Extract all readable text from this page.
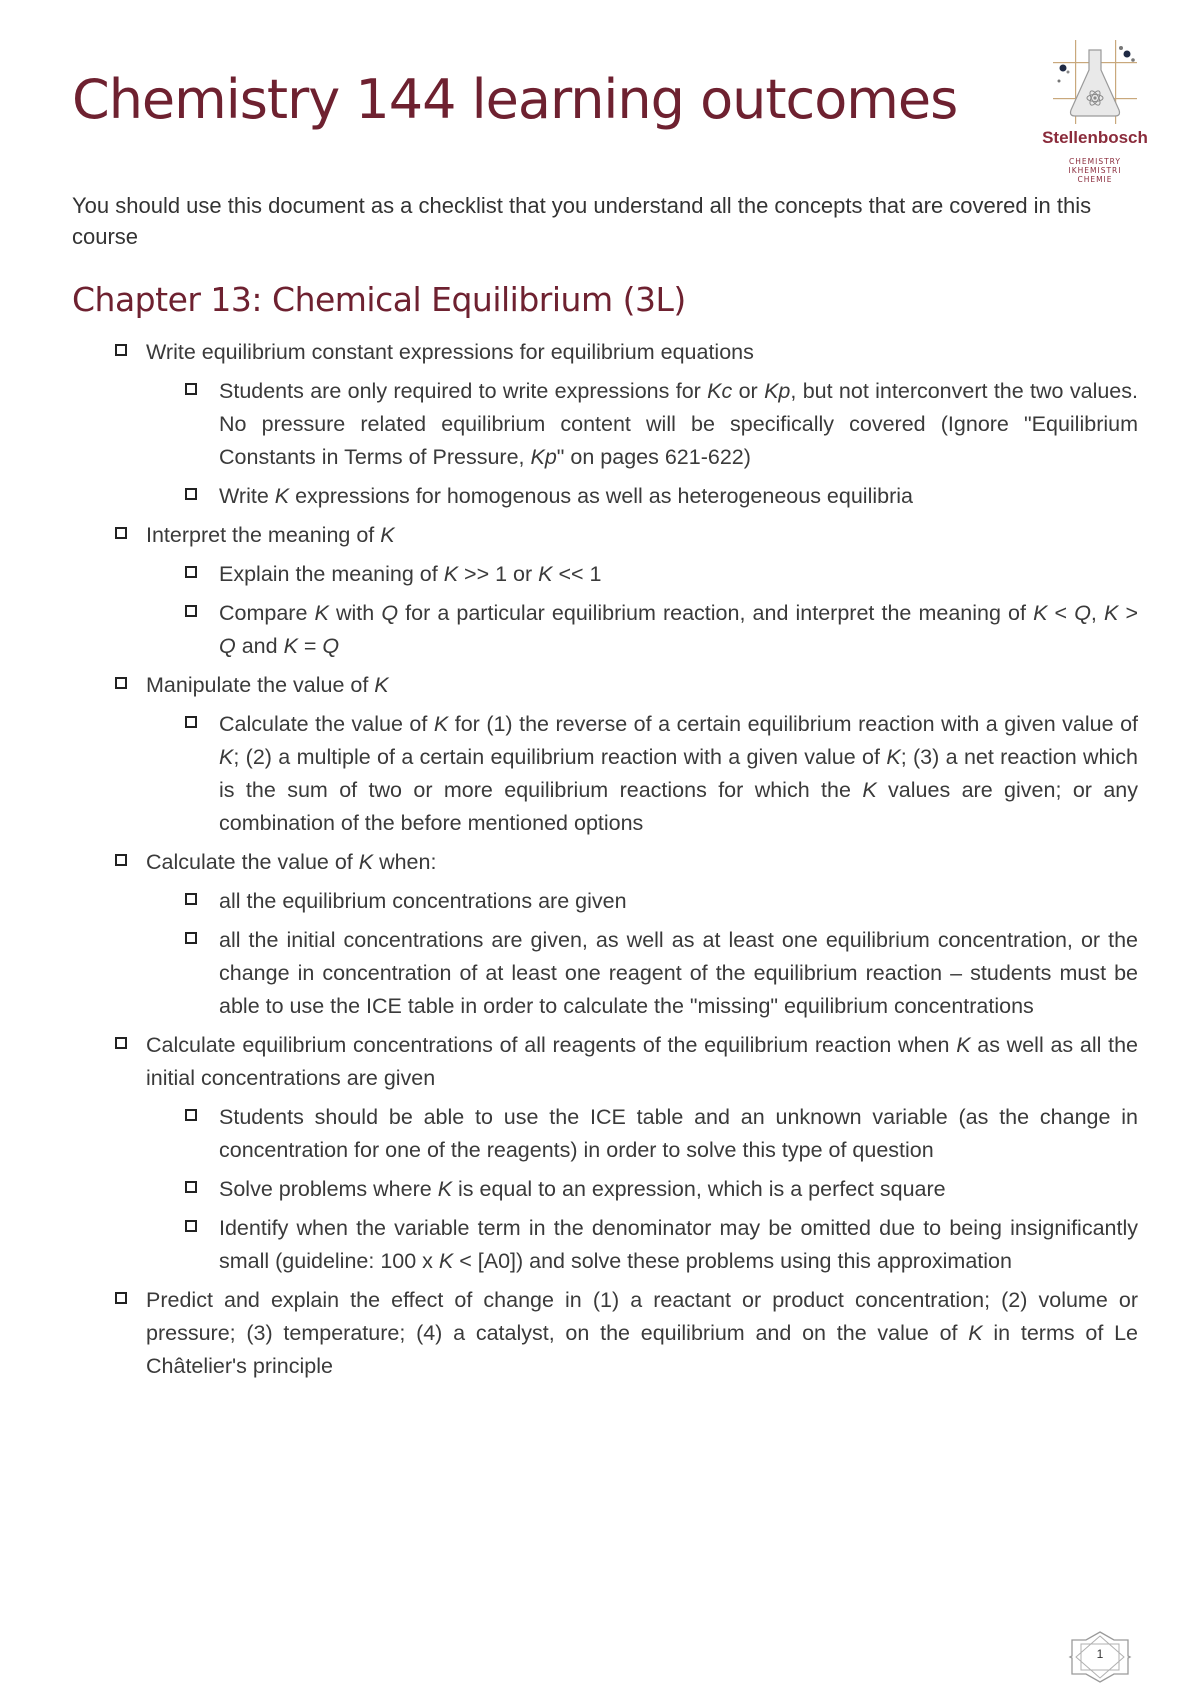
Chemistry 144 learning outcomes
Stellenbosch
CHEMISTRY
IKHEMISTRI
CHEMIE

You should use this document as a checklist that you understand all the concepts that are covered in this course

Chapter 13: Chemical Equilibrium (3L)
Write equilibrium constant expressions for equilibrium equations
Students are only required to write expressions for Kc or Kp, but not interconvert the two values. No pressure related equilibrium content will be specifically covered (Ignore "Equilibrium Constants in Terms of Pressure, Kp" on pages 621-622)
Write K expressions for homogenous as well as heterogeneous equilibria
Interpret the meaning of K
Explain the meaning of K >> 1 or K << 1
Compare K with Q for a particular equilibrium reaction, and interpret the meaning of K < Q, K > Q and K = Q
Manipulate the value of K
Calculate the value of K for (1) the reverse of a certain equilibrium reaction with a given value of K; (2) a multiple of a certain equilibrium reaction with a given value of K; (3) a net reaction which is the sum of two or more equilibrium reactions for which the K values are given; or any combination of the before mentioned options
Calculate the value of K when:
all the equilibrium concentrations are given
all the initial concentrations are given, as well as at least one equilibrium concentration, or the change in concentration of at least one reagent of the equilibrium reaction – students must be able to use the ICE table in order to calculate the "missing" equilibrium concentrations
Calculate equilibrium concentrations of all reagents of the equilibrium reaction when K as well as all the initial concentrations are given
Students should be able to use the ICE table and an unknown variable (as the change in concentration for one of the reagents) in order to solve this type of question
Solve problems where K is equal to an expression, which is a perfect square
Identify when the variable term in the denominator may be omitted due to being insignificantly small (guideline: 100 x K < [A0]) and solve these problems using this approximation
Predict and explain the effect of change in (1) a reactant or product concentration; (2) volume or pressure; (3) temperature; (4) a catalyst, on the equilibrium and on the value of K in terms of Le Châtelier's principle
1
